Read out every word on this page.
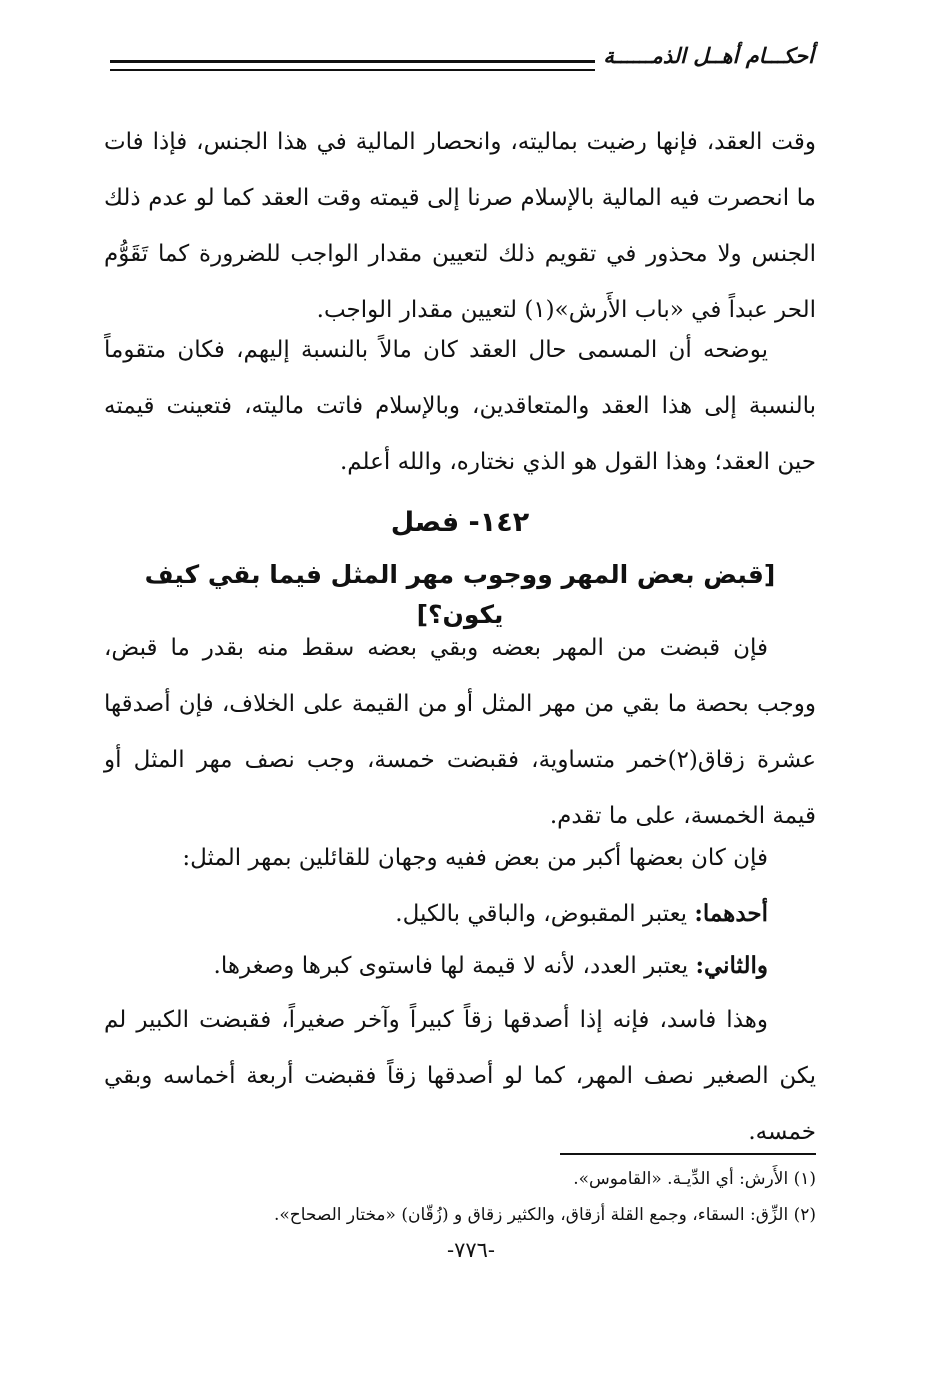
أحكـــام أهــل الذمــــــة

وقت العقد، فإنها رضيت بماليته، وانحصار المالية في هذا الجنس، فإذا فات ما انحصرت فيه المالية بالإسلام صرنا إلى قيمته وقت العقد كما لو عدم ذلك الجنس ولا محذور في تقويم ذلك لتعيين مقدار الواجب للضرورة كما تَقَوُّم الحر عبداً في «باب الأَرش»(١) لتعيين مقدار الواجب.

يوضحه أن المسمى حال العقد كان مالاً بالنسبة إليهم، فكان متقوماً بالنسبة إلى هذا العقد والمتعاقدين، وبالإسلام فاتت ماليته، فتعينت قيمته حين العقد؛ وهذا القول هو الذي نختاره، والله أعلم.

١٤٢- فصل
[قبض بعض المهر ووجوب مهر المثل فيما بقي كيف يكون؟]

فإن قبضت من المهر بعضه وبقي بعضه سقط منه بقدر ما قبض، ووجب بحصة ما بقي من مهر المثل أو من القيمة على الخلاف، فإن أصدقها عشرة زقاق(٢)خمر متساوية، فقبضت خمسة، وجب نصف مهر المثل أو قيمة الخمسة، على ما تقدم.

فإن كان بعضها أكبر من بعض ففيه وجهان للقائلين بمهر المثل:

أحدهما: يعتبر المقبوض، والباقي بالكيل.

والثاني: يعتبر العدد، لأنه لا قيمة لها فاستوى كبرها وصغرها.

وهذا فاسد، فإنه إذا أصدقها زقاً كبيراً وآخر صغيراً، فقبضت الكبير لم يكن الصغير نصف المهر، كما لو أصدقها زقاً فقبضت أربعة أخماسه وبقي خمسه.

(١) الأَرش: أي الدِّيـة. «القاموس».

(٢) الزِّق: السقاء، وجمع القلة أزقاق، والكثير زقاق و (زُقّان) «مختار الصحاح».

-٧٧٦-
